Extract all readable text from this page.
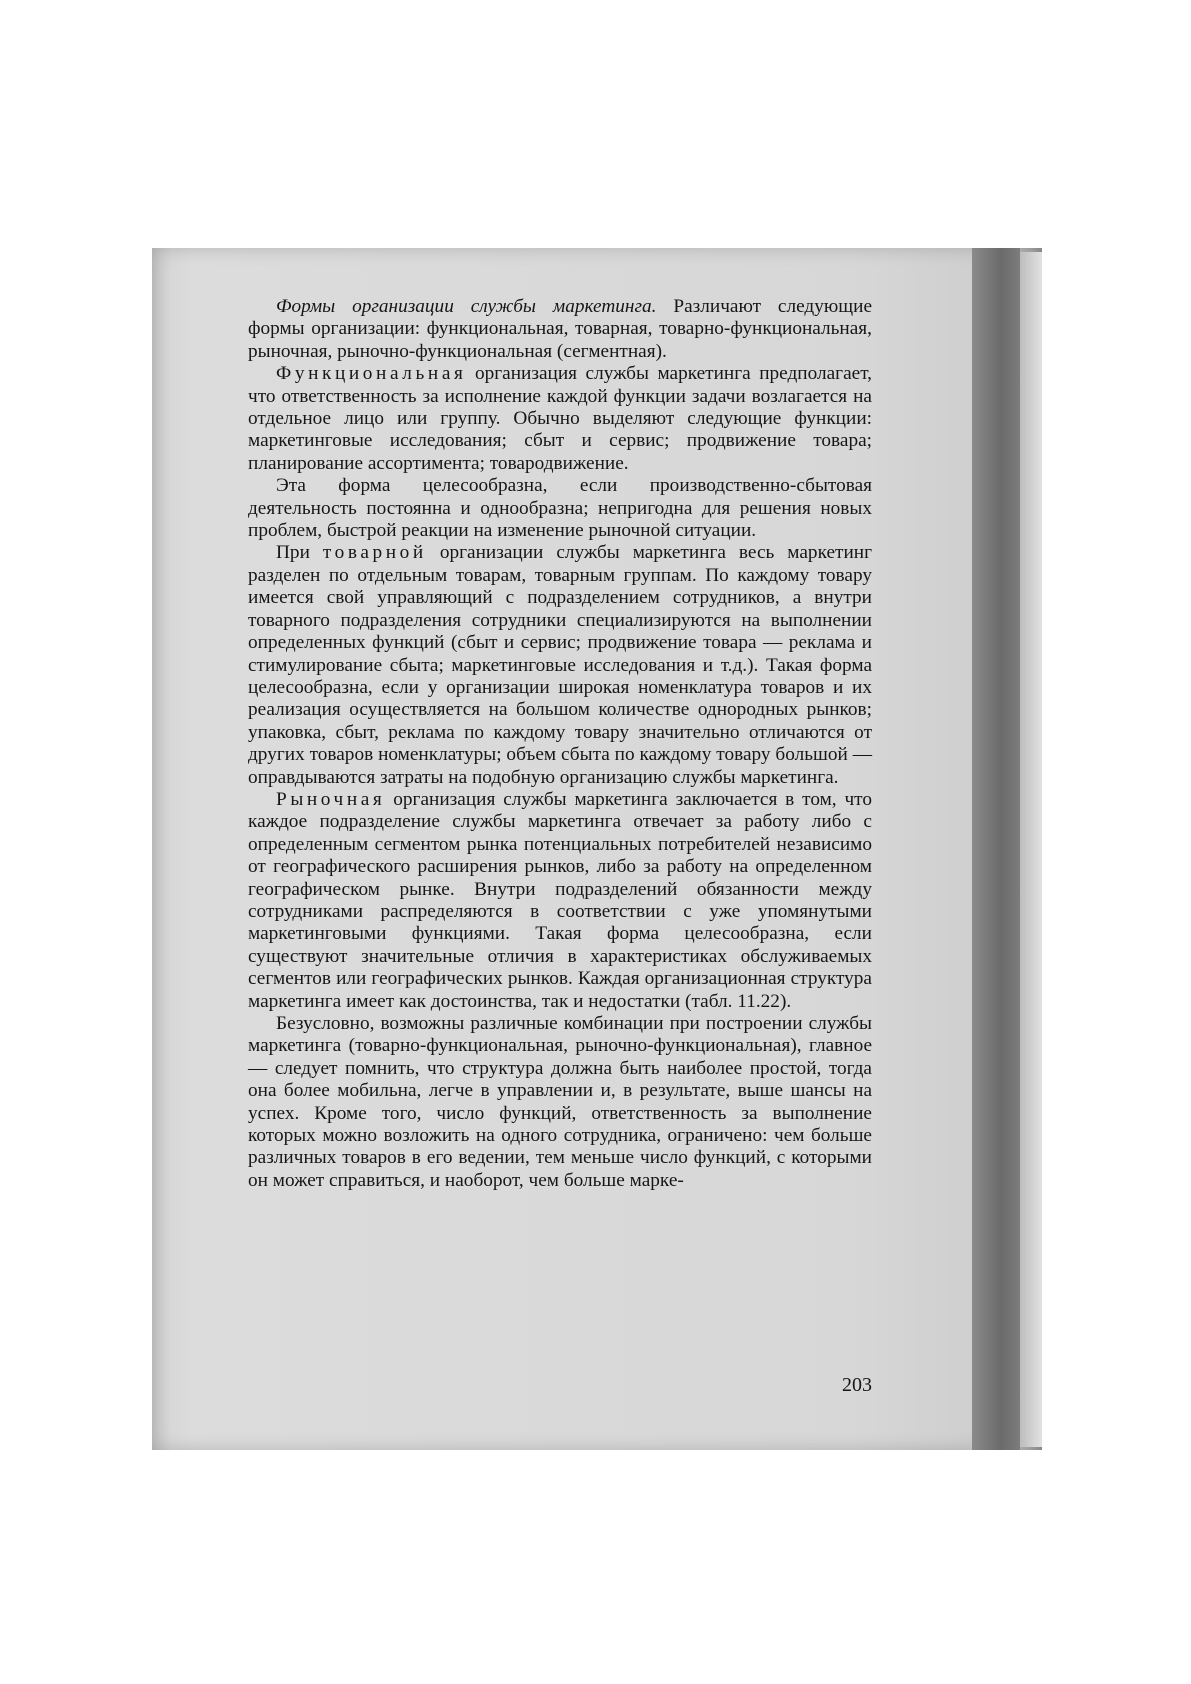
Формы организации службы маркетинга. Различают следующие формы организации: функциональная, товарная, товарно-функциональная, рыночная, рыночно-функциональная (сегментная).

Функциональная организация службы маркетинга предполагает, что ответственность за исполнение каждой функции задачи возлагается на отдельное лицо или группу. Обычно выделяют следующие функции: маркетинговые исследования; сбыт и сервис; продвижение товара; планирование ассортимента; товародвижение.

Эта форма целесообразна, если производственно-сбытовая деятельность постоянна и однообразна; непригодна для решения новых проблем, быстрой реакции на изменение рыночной ситуации.

При товарной организации службы маркетинга весь маркетинг разделен по отдельным товарам, товарным группам. По каждому товару имеется свой управляющий с подразделением сотрудников, а внутри товарного подразделения сотрудники специализируются на выполнении определенных функций (сбыт и сервис; продвижение товара — реклама и стимулирование сбыта; маркетинговые исследования и т.д.). Такая форма целесообразна, если у организации широкая номенклатура товаров и их реализация осуществляется на большом количестве однородных рынков; упаковка, сбыт, реклама по каждому товару значительно отличаются от других товаров номенклатуры; объем сбыта по каждому товару большой — оправдываются затраты на подобную организацию службы маркетинга.

Рыночная организация службы маркетинга заключается в том, что каждое подразделение службы маркетинга отвечает за работу либо с определенным сегментом рынка потенциальных потребителей независимо от географического расширения рынков, либо за работу на определенном географическом рынке. Внутри подразделений обязанности между сотрудниками распределяются в соответствии с уже упомянутыми маркетинговыми функциями. Такая форма целесообразна, если существуют значительные отличия в характеристиках обслуживаемых сегментов или географических рынков. Каждая организационная структура маркетинга имеет как достоинства, так и недостатки (табл. 11.22).

Безусловно, возможны различные комбинации при построении службы маркетинга (товарно-функциональная, рыночно-функциональная), главное — следует помнить, что структура должна быть наиболее простой, тогда она более мобильна, легче в управлении и, в результате, выше шансы на успех. Кроме того, число функций, ответственность за выполнение которых можно возложить на одного сотрудника, ограничено: чем больше различных товаров в его ведении, тем меньше число функций, с которыми он может справиться, и наоборот, чем больше марке-

203
